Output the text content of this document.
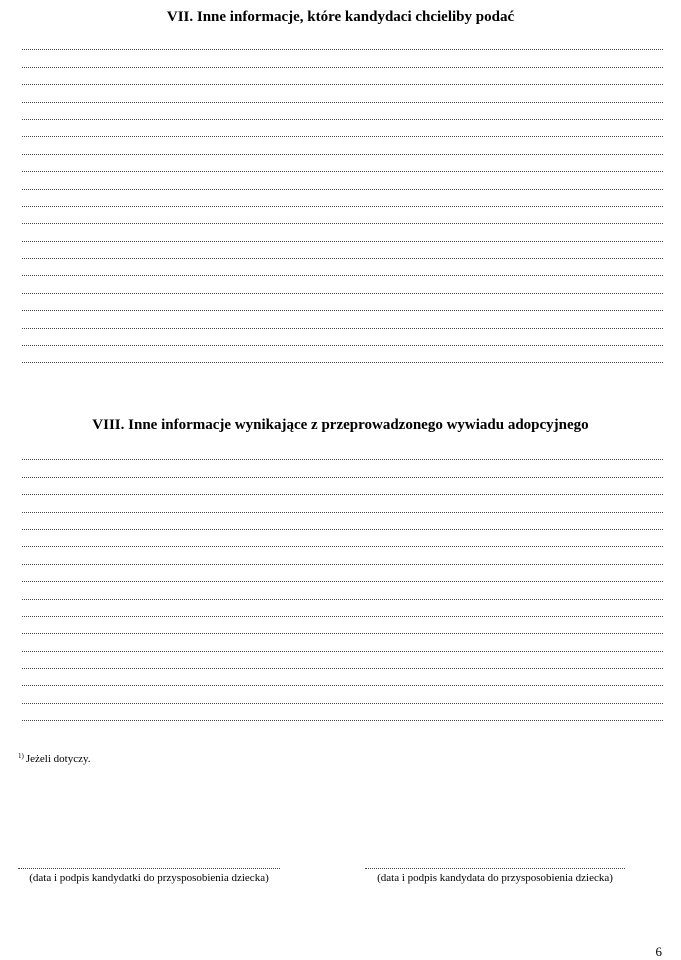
VII. Inne informacje, które kandydaci chcieliby podać
VIII. Inne informacje wynikające z przeprowadzonego wywiadu adopcyjnego
$^{1)}$ Jeżeli dotyczy.
(data i podpis kandydatki do przysposobienia dziecka)	(data i podpis kandydata do przysposobienia dziecka)
6
